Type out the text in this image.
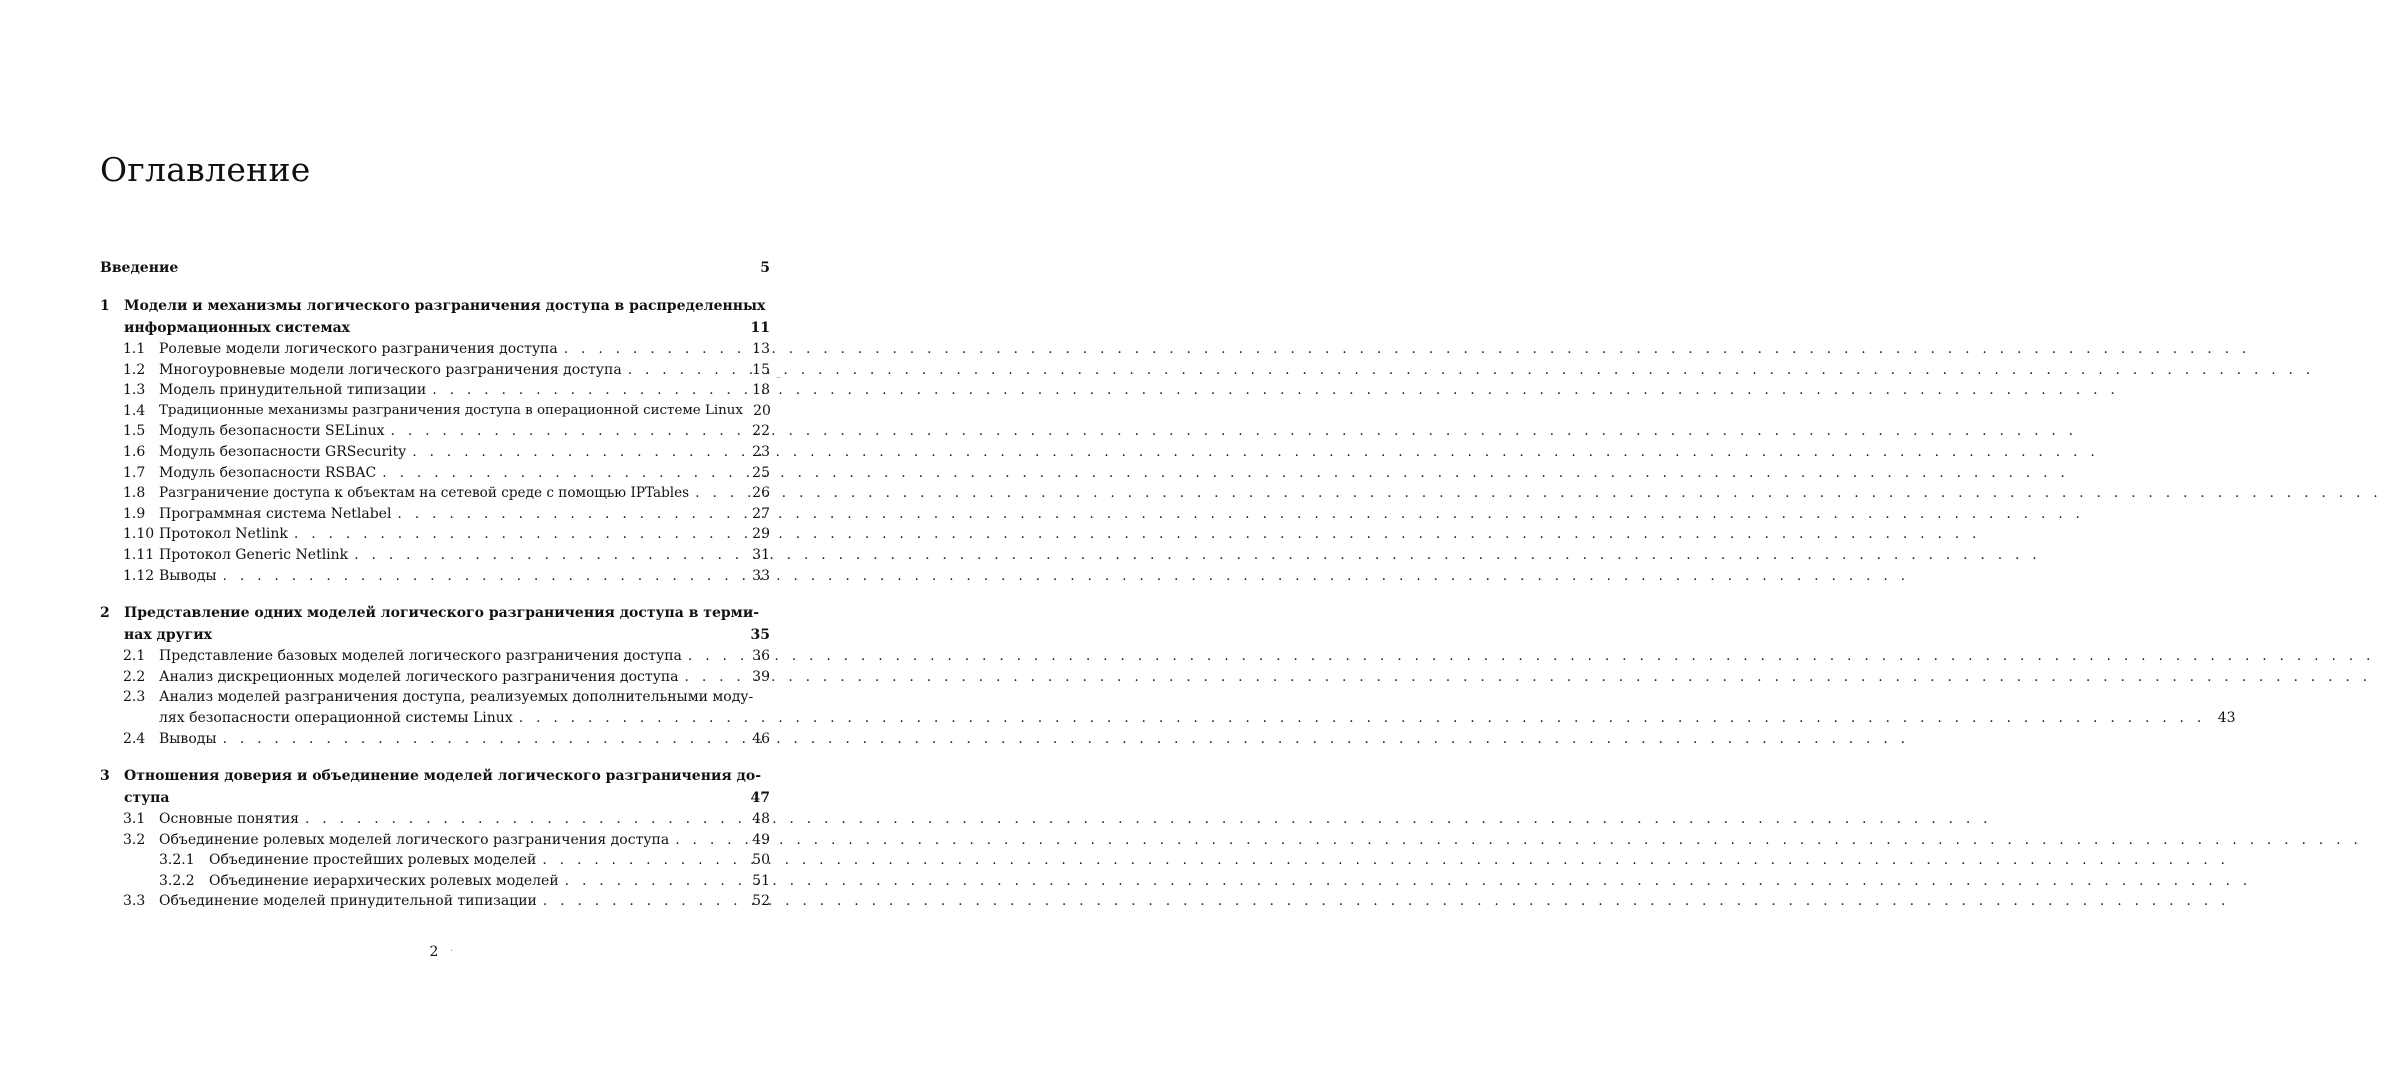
Оглавление
Введение	5
1	Модели и механизмы логического разграничения доступа в распределенных
информационных системах	11
1.1 Ролевые модели логического разграничения доступа . . .	13
1.2 Многоуровневые модели логического разграничения доступа . . .	15
1.3 Модель принудительной типизации . . .	18
1.4	Традиционные механизмы разграничения доступа в операционной системе Linux 20
1.5 Модуль безопасности SELinux . . .	22
1.6 Модуль безопасности GRSecurity . . .	23
1.7 Модуль безопасности RSBAC . . .	25
1.8	Разграничение доступа к объектам на сетевой среде с помощью IPTables . . .	26
1.9 Программная система Netlabel . . .	27
1.10 Протокол Netlink . . .	29
1.11 Протокол Generic Netlink . . .	31
1.12 Выводы . . .	33
2	Представление одних моделей логического разграничения доступа в терми-
нах других	35
2.1 Представление базовых моделей логического разграничения доступа . . .	36
2.2 Анализ дискреционных моделей логического разграничения доступа . . .	39
2.3 Анализ моделей разграничения доступа, реализуемых дополнительными моду-
лях безопасности операционной системы Linux . . .	43
2.4 Выводы . . .	46
3	Отношения доверия и объединение моделей логического разграничения до-
ступа	47
3.1 Основные понятия . . .	48
3.2 Объединение ролевых моделей логического разграничения доступа . . .	49
3.2.1	Объединение простейших ролевых моделей . . .	50
3.2.2	Объединение иерархических ролевых моделей . . .	51
3.3 Объединение моделей принудительной типизации . . .	52
2
–
·
